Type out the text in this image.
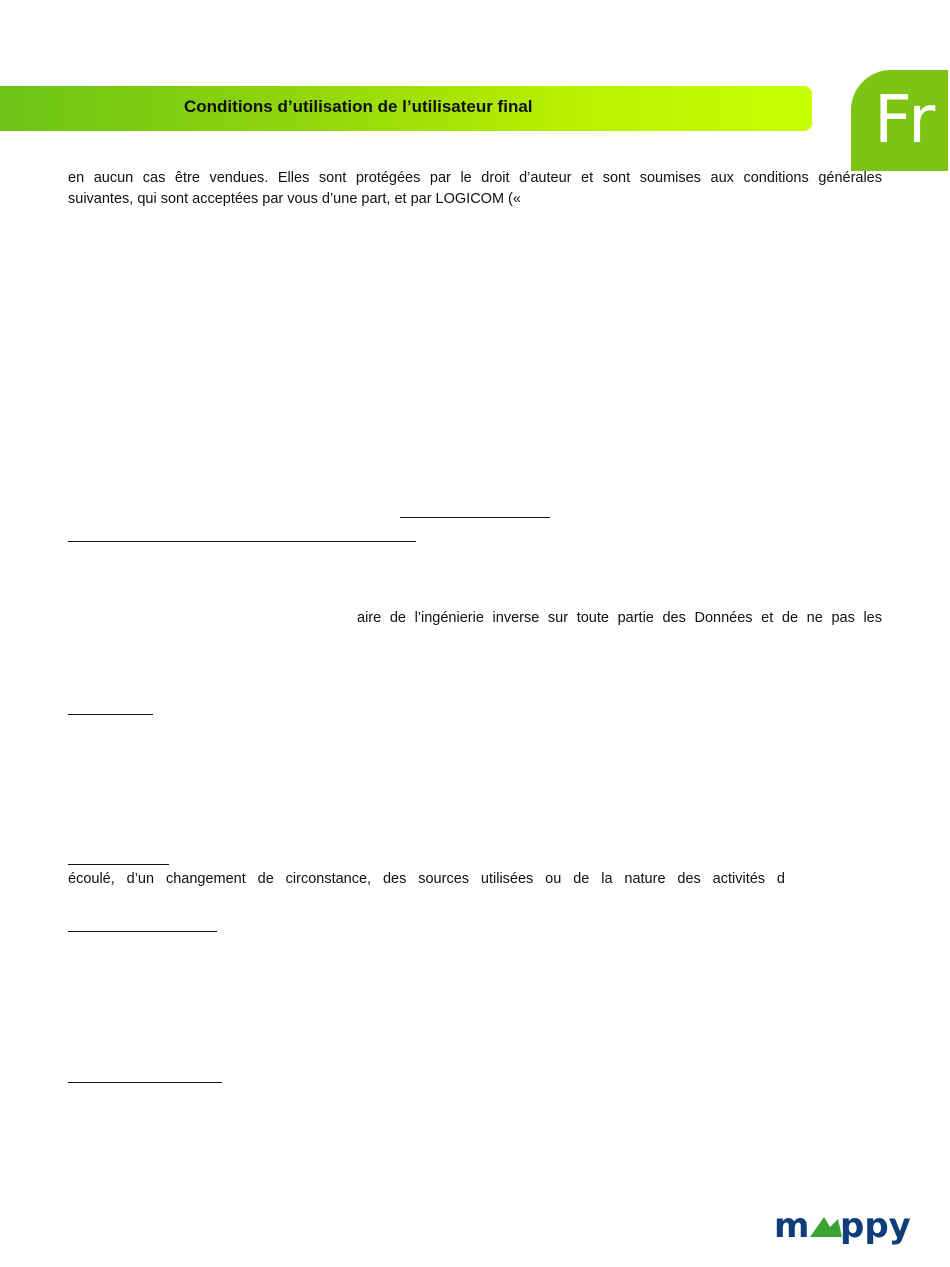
Conditions d’utilisation de l’utilisateur final	Fr
en aucun cas être vendues. Elles sont protégées par le droit d’auteur et sont soumises aux conditions générales
suivantes, qui sont acceptées par vous d’une part, et par LOGICOM («
aire de l’ingénierie inverse sur toute partie des Données et de ne pas les
écoulé, d’un changement de circonstance, des sources utilisées ou de la nature des activités d
m ppy
